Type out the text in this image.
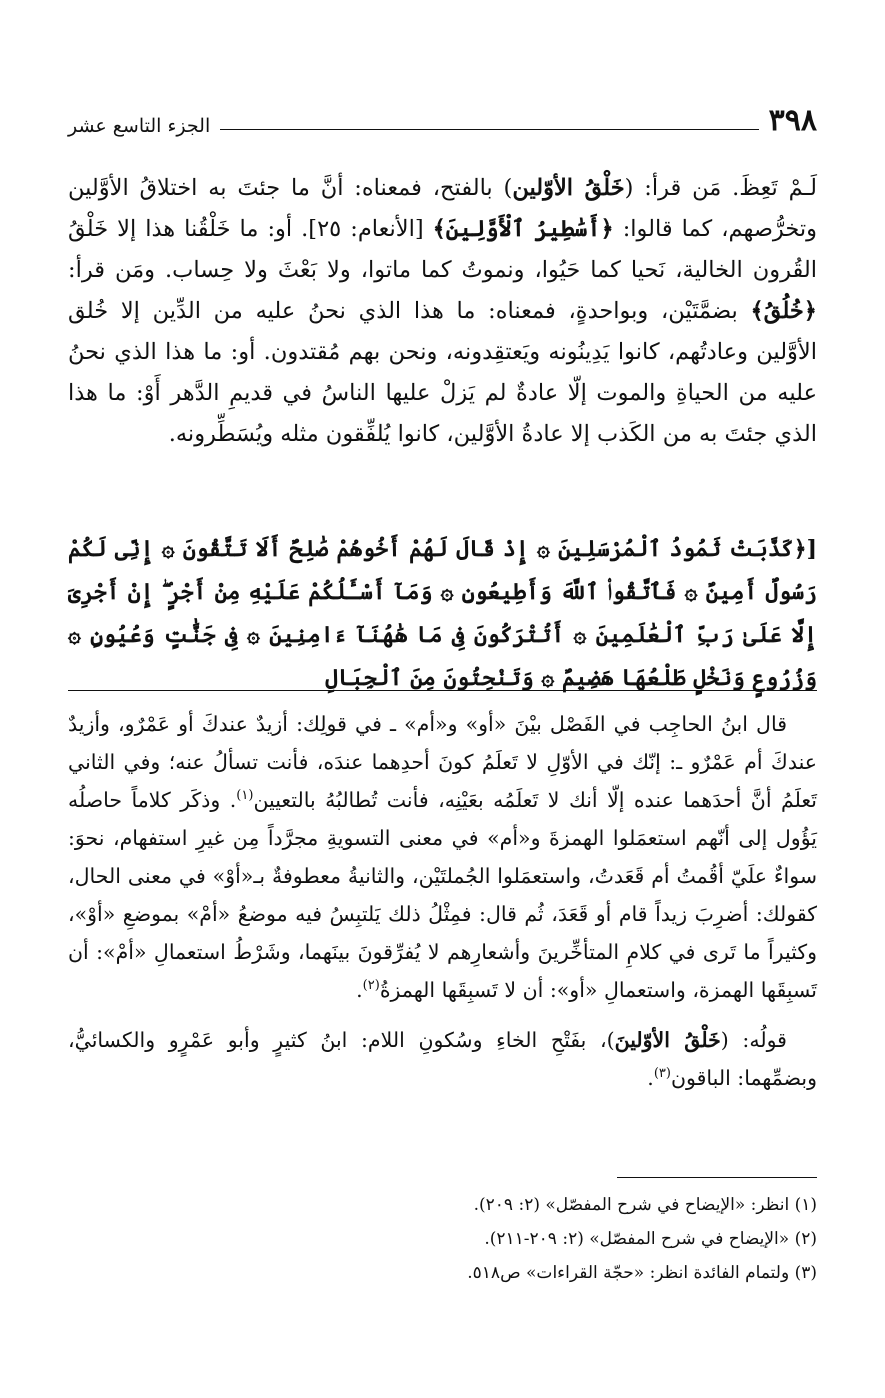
٣٩٨
الجزء التاسع عشر

لَـمْ تَعِظَ. مَن قرأ: (خَلْقُ الأوّلين) بالفتح، فمعناه: أنَّ ما جئتَ به اختلاقُ الأوَّلين وتخرُّصهم، كما قالوا: ﴿أَسَٰطِيرُ ٱلْأَوَّلِينَ﴾ [الأنعام: ٢٥]. أو: ما خَلْقُنا هذا إلا خَلْقُ القُرون الخالية، نَحيا كما حَيُوا، ونموتُ كما ماتوا، ولا بَعْثَ ولا حِساب. ومَن قرأ: ﴿خُلُقُ﴾ بضمَّتَيْن، وبواحدةٍ، فمعناه: ما هذا الذي نحنُ عليه من الدِّين إلا خُلق الأوَّلين وعادتُهم، كانوا يَدِينُونه ويَعتقِدونه، ونحن بهم مُقتدون. أو: ما هذا الذي نحنُ عليه من الحياةِ والموت إلّا عادةٌ لم يَزلْ عليها الناسُ في قديمِ الدَّهر أَوْ: ما هذا الذي جئتَ به من الكَذب إلا عادةُ الأوَّلين، كانوا يُلفِّقون مثله ويُسَطِّرونه.

[﴿كَذَّبَتْ ثَمُودُ ٱلْمُرْسَلِينَ ۞ إِذْ قَالَ لَهُمْ أَخُوهُمْ صَٰلِحٌ أَلَا تَتَّقُونَ ۞ إِنِّى لَكُمْ رَسُولٌ أَمِينٌ ۞ فَٱتَّقُوا۟ ٱللَّهَ وَأَطِيعُونِ ۞ وَمَآ أَسْـَٔلُكُمْ عَلَيْهِ مِنْ أَجْرٍ ۖ إِنْ أَجْرِىَ إِلَّا عَلَىٰ رَبِّ ٱلْعَٰلَمِينَ ۞ أَتُتْرَكُونَ فِى مَا هَٰهُنَآ ءَامِنِينَ ۞ فِى جَنَّٰتٍ وَعُيُونٍ ۞ وَزُرُوعٍ وَنَخْلٍ طَلْعُهَا هَضِيمٌ ۞ وَتَنْحِتُونَ مِنَ ٱلْجِبَالِ

قال ابنُ الحاجِب في الفَصْل بيْنَ «أو» و«أم» ـ في قولِك: أزيدٌ عندكَ أو عَمْرٌو، وأزيدٌ عندكَ أم عَمْرٌو ـ: إنّك في الأوّلِ لا تَعلَمُ كونَ أحدِهما عندَه، فأنت تسألُ عنه؛ وفي الثاني تَعلَمُ أنَّ أحدَهما عنده إلّا أنك لا تَعلَمُه بعَيْنِه، فأنت تُطالبُهُ بالتعيين$^{(١)}$. وذكَر كلاماً حاصلُه يَؤُول إلى أنّهم استعمَلوا الهمزةَ و«أم» في معنى التسويةِ مجرَّداً مِن غيرِ استفهام، نحوَ: سواءٌ علَيّ أقُمتُ أم قَعَدتُ، واستعمَلوا الجُملتَيْن، والثانيةُ معطوفةٌ بـ«أوْ» في معنى الحال، كقولك: أضرِبَ زيداً قام أو قَعَدَ، ثُم قال: فمِثْلُ ذلك يَلتبِسُ فيه موضعُ «أمْ» بموضعِ «أوْ»، وكثيراً ما تَرى في كلامِ المتأخِّرينَ وأشعارِهم لا يُفرِّقونَ بينَهما، وشَرْطُ استعمالِ «أمْ»: أن تَسبِقَها الهمزة، واستعمالِ «أو»: أن لا تَسبِقَها الهمزةُ$^{(٢)}$.

قولُه: (خَلْقُ الأوّلينَ)، بفَتْحِ الخاءِ وسُكونِ اللام: ابنُ كثيرٍ وأبو عَمْرٍو والكسائيُّ، وبضمِّهما: الباقون$^{(٣)}$.

(١) انظر: «الإيضاح في شرح المفصّل» (٢: ٢٠٩).

(٢) «الإيضاح في شرح المفصّل» (٢: ٢٠٩-٢١١).

(٣) ولتمام الفائدة انظر: «حجّة القراءات» ص٥١٨.
